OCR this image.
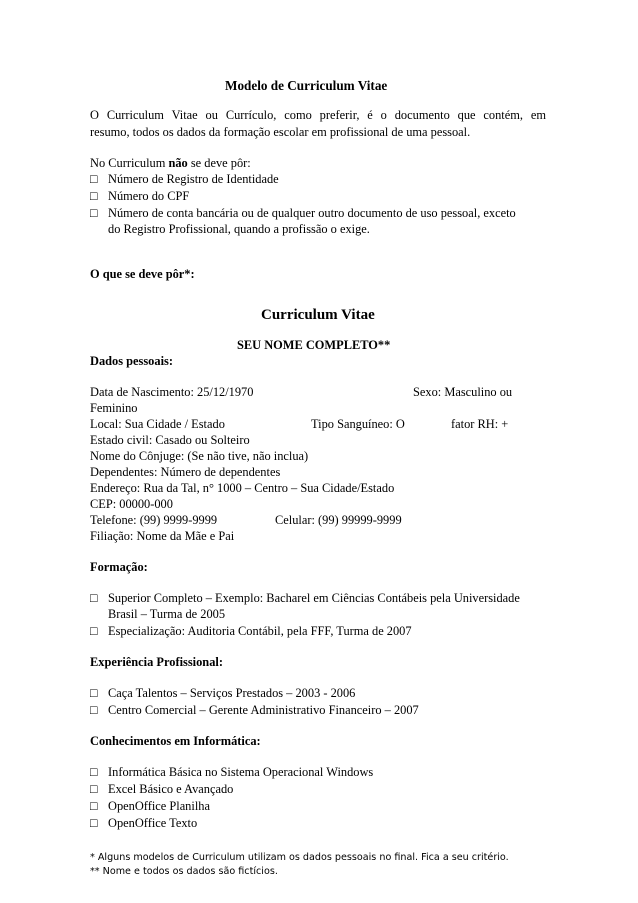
Modelo de Curriculum Vitae
O Curriculum Vitae ou Currículo, como preferir, é o documento que contém, em
resumo, todos os dados da formação escolar em profissional de uma pessoal.
No Curriculum não se deve pôr:
□ Número de Registro de Identidade
□ Número do CPF
□ Número de conta bancária ou de qualquer outro documento de uso pessoal, exceto
do Registro Profissional, quando a profissão o exige.
O que se deve pôr*:
Curriculum Vitae
SEU NOME COMPLETO**
Dados pessoais:
Data de Nascimento: 25/12/1970	Sexo: Masculino ou
Feminino
Local: Sua Cidade / Estado	Tipo Sanguíneo: O	fator RH: +
Estado civil: Casado ou Solteiro
Nome do Cônjuge: (Se não tive, não inclua)
Dependentes: Número de dependentes
Endereço: Rua da Tal, n° 1000 – Centro – Sua Cidade/Estado
CEP: 00000-000
Telefone: (99) 9999-9999	Celular: (99) 99999-9999
Filiação: Nome da Mãe e Pai
Formação:
□ Superior Completo – Exemplo: Bacharel em Ciências Contábeis pela Universidade
Brasil – Turma de 2005
□ Especialização: Auditoria Contábil, pela FFF, Turma de 2007
Experiência Profissional:
□ Caça Talentos – Serviços Prestados – 2003 - 2006
□ Centro Comercial – Gerente Administrativo Financeiro – 2007
Conhecimentos em Informática:
□ Informática Básica no Sistema Operacional Windows
□ Excel Básico e Avançado
□ OpenOffice Planilha
□ OpenOffice Texto
* Alguns modelos de Curriculum utilizam os dados pessoais no final. Fica a seu critério.
** Nome e todos os dados são fictícios.
